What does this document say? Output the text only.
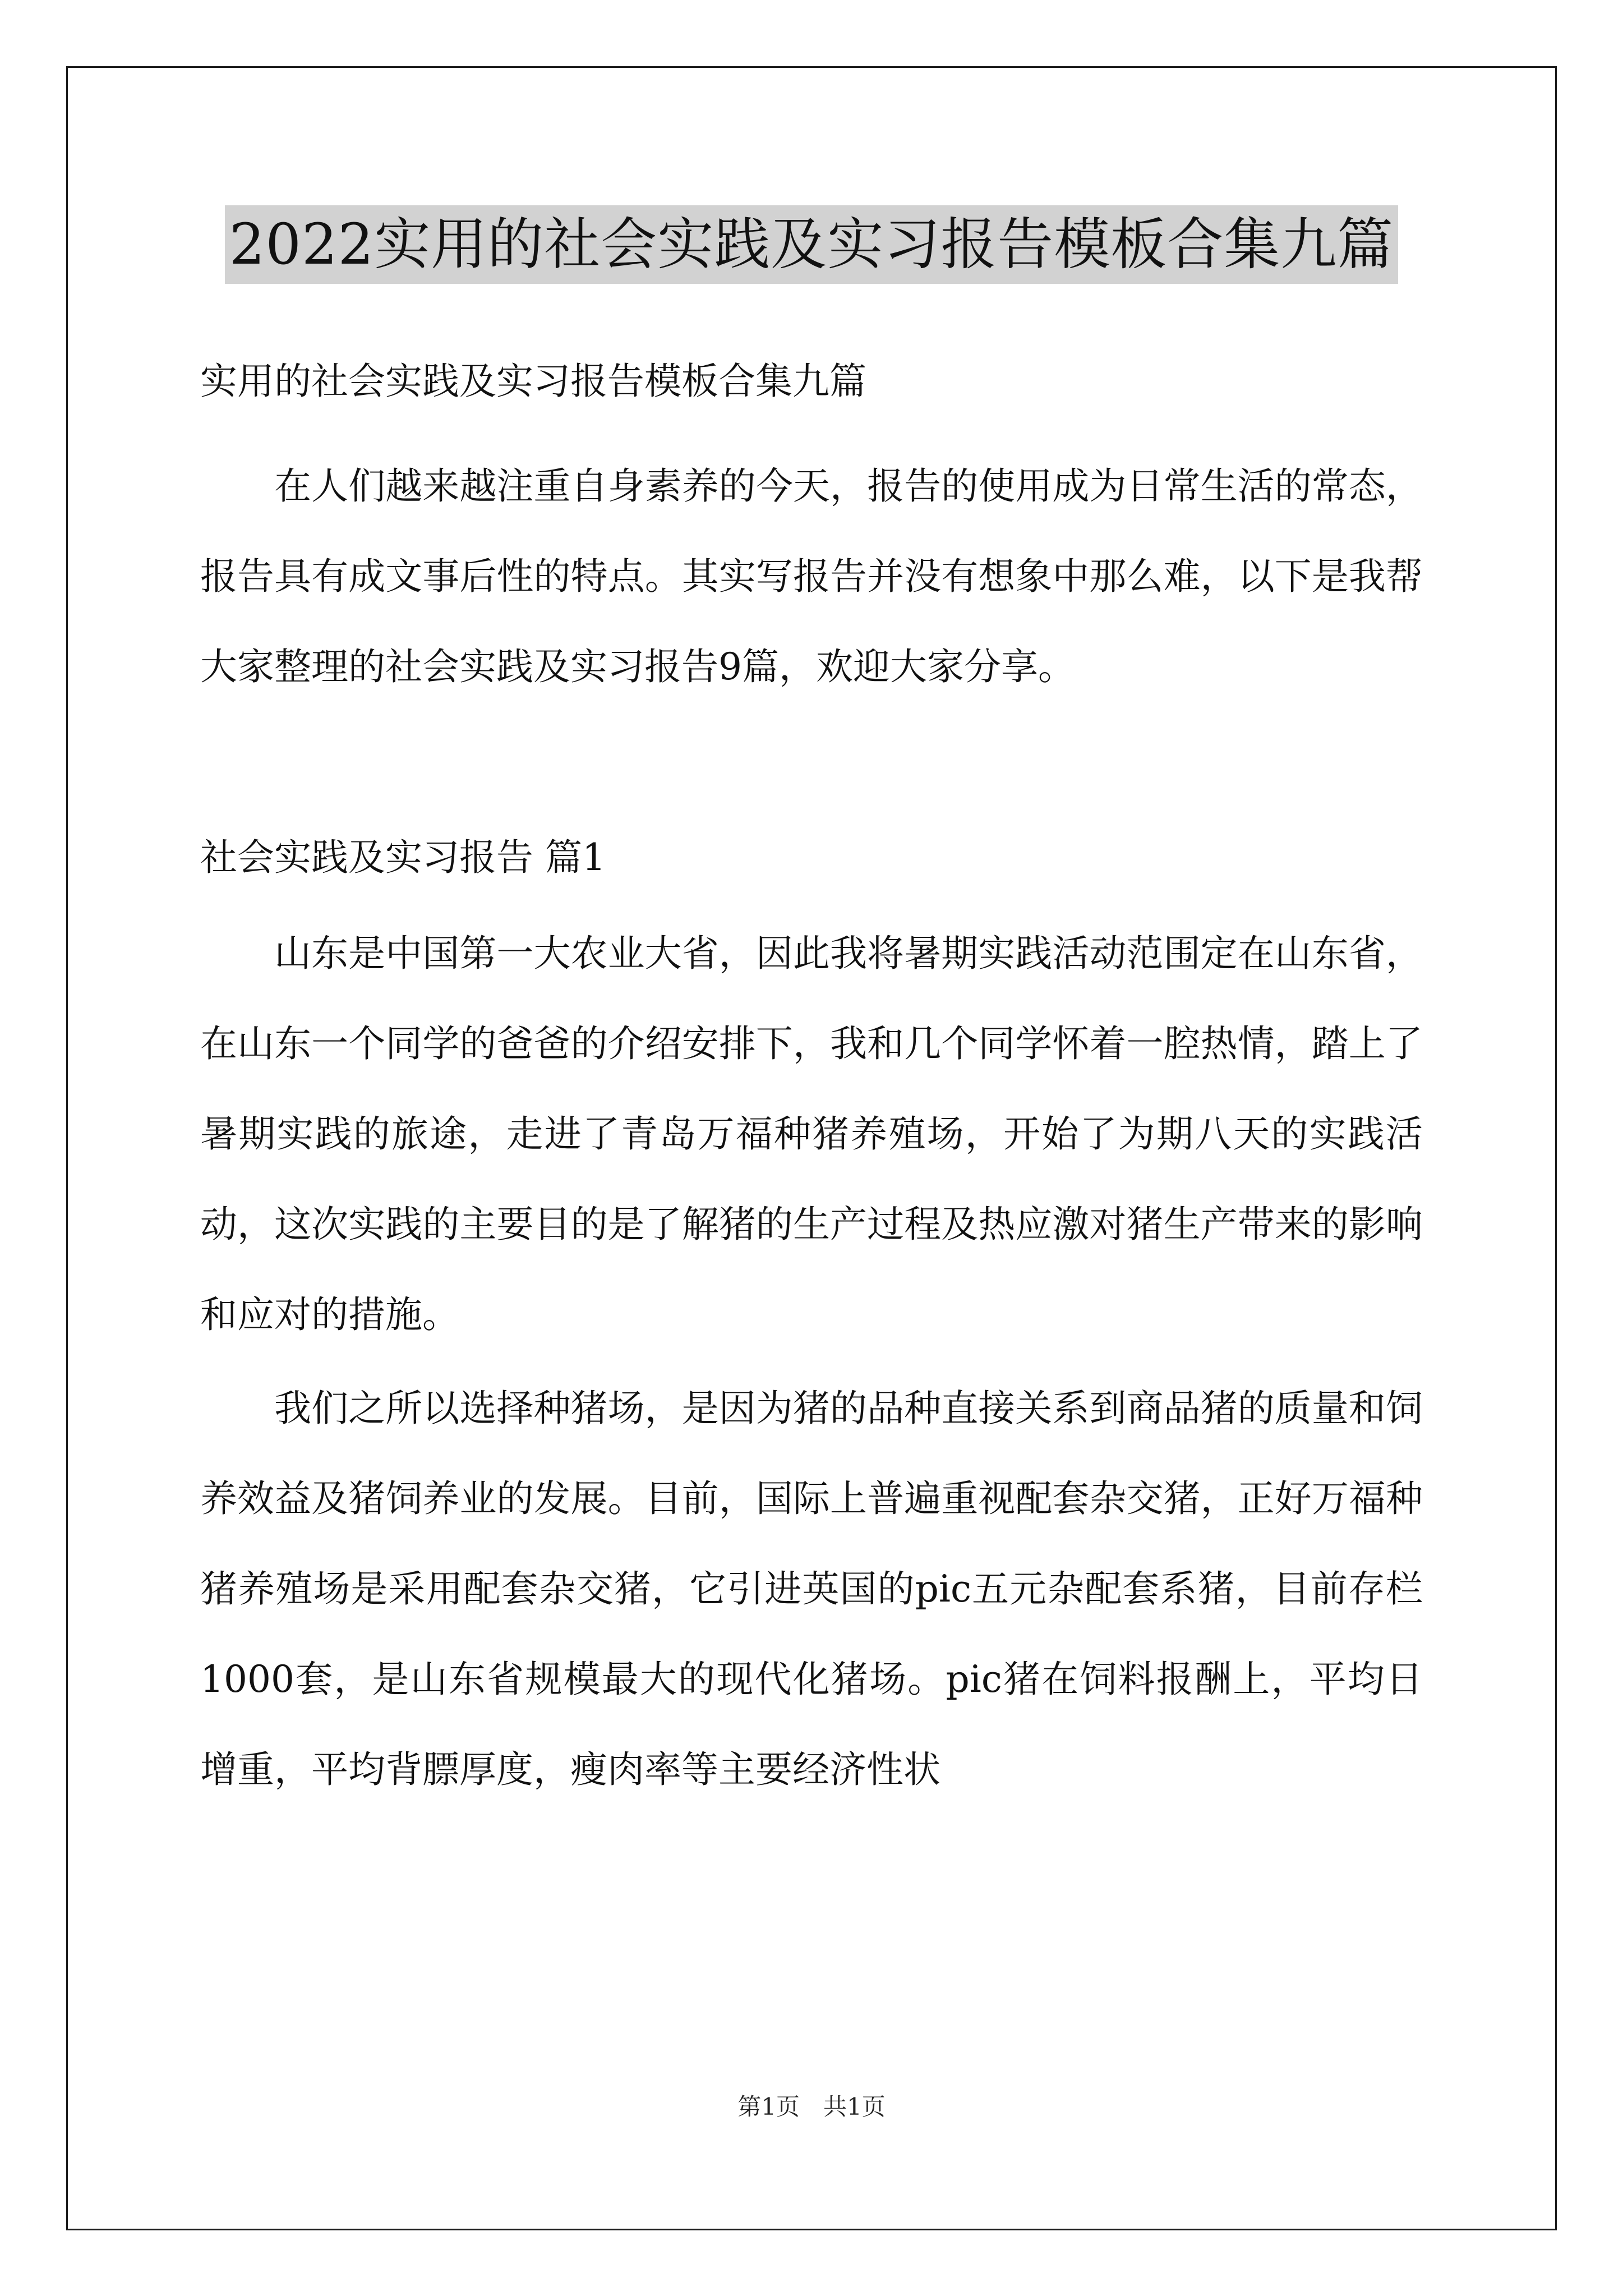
2022实用的社会实践及实习报告模板合集九篇

实用的社会实践及实习报告模板合集九篇

在人们越来越注重自身素养的今天，报告的使用成为日常生活的常态，报告具有成文事后性的特点。其实写报告并没有想象中那么难，以下是我帮大家整理的社会实践及实习报告9篇，欢迎大家分享。

社会实践及实习报告 篇1

山东是中国第一大农业大省，因此我将暑期实践活动范围定在山东省，在山东一个同学的爸爸的介绍安排下，我和几个同学怀着一腔热情，踏上了暑期实践的旅途，走进了青岛万福种猪养殖场，开始了为期八天的实践活动，这次实践的主要目的是了解猪的生产过程及热应激对猪生产带来的影响和应对的措施。

我们之所以选择种猪场，是因为猪的品种直接关系到商品猪的质量和饲养效益及猪饲养业的发展。目前，国际上普遍重视配套杂交猪，正好万福种猪养殖场是采用配套杂交猪，它引进英国的pic五元杂配套系猪，目前存栏1000套，是山东省规模最大的现代化猪场。pic猪在饲料报酬上，平均日增重，平均背膘厚度，瘦肉率等主要经济性状

第1页　共1页
